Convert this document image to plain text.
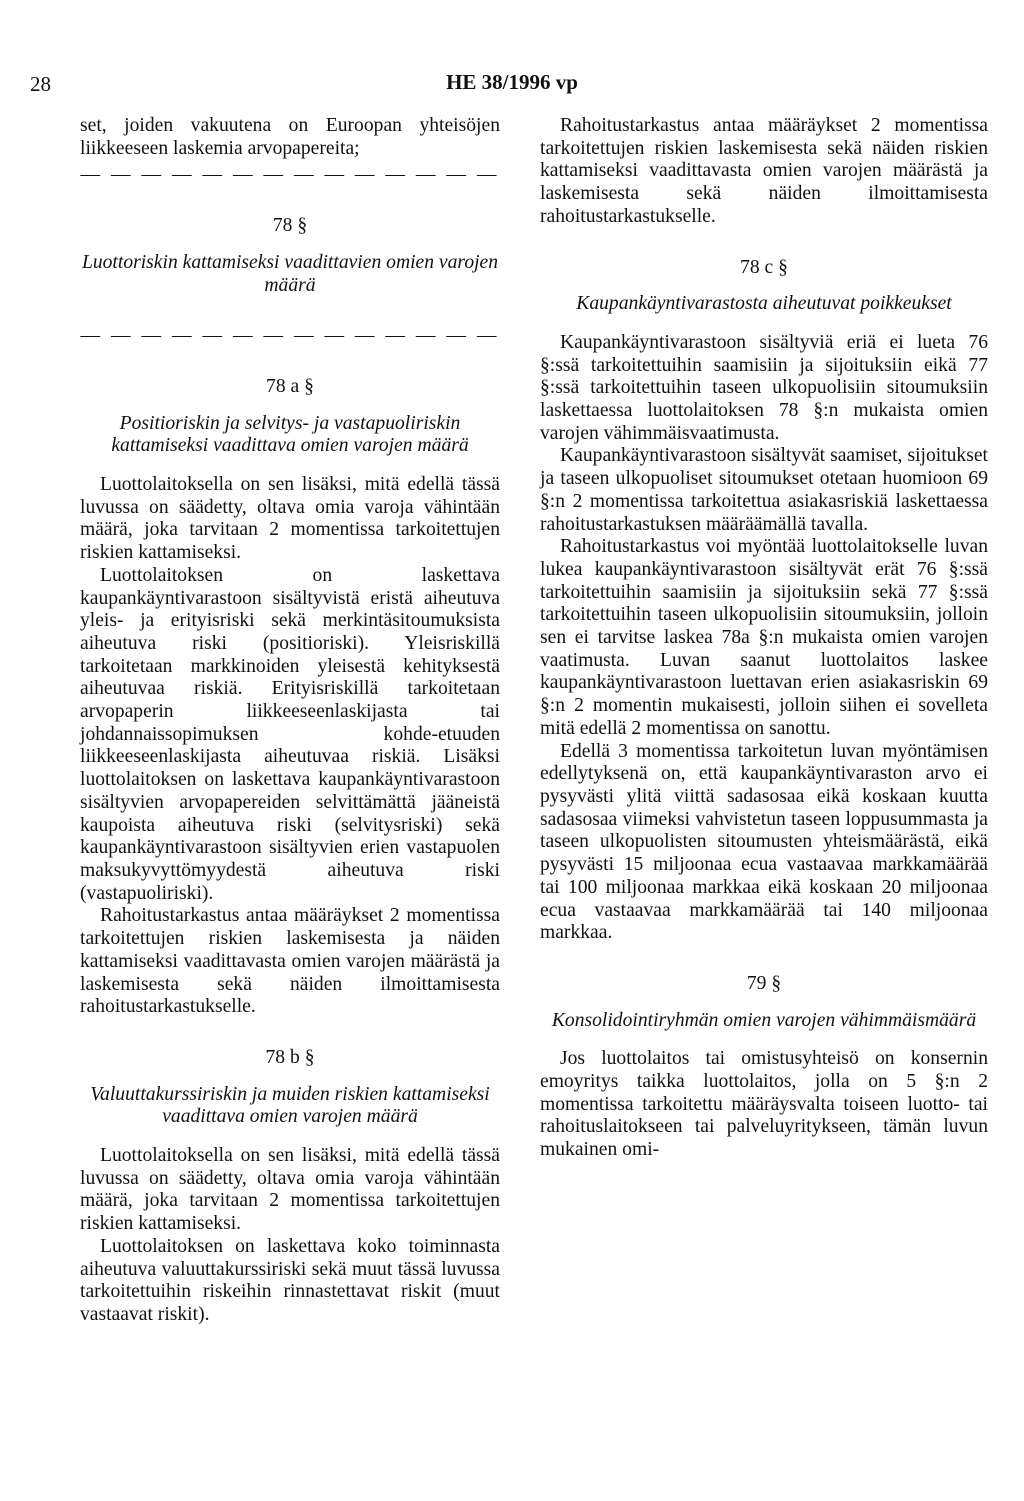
28	HE 38/1996 vp

set, joiden vakuutena on Euroopan yhteisöjen liikkeeseen laskemia arvopapereita;

— — — — — — — — — — — — — —
78 §
Luottoriskin kattamiseksi vaadittavien omien varojen määrä
— — — — — — — — — — — — — —
78 a §
Positioriskin ja selvitys- ja vastapuoliriskin kattamiseksi vaadittava omien varojen määrä

Luottolaitoksella on sen lisäksi, mitä edellä tässä luvussa on säädetty, oltava omia varoja vähintään määrä, joka tarvitaan 2 momentissa tarkoitettujen riskien kattamiseksi.

Luottolaitoksen on laskettava kaupankäyntivarastoon sisältyvistä eristä aiheutuva yleis- ja erityisriski sekä merkintäsitoumuksista aiheutuva riski (positioriski). Yleisriskillä tarkoitetaan markkinoiden yleisestä kehityksestä aiheutuvaa riskiä. Erityisriskillä tarkoitetaan arvopaperin liikkeeseenlaskijasta tai johdannaissopimuksen kohde-etuuden liikkeeseenlaskijasta aiheutuvaa riskiä. Lisäksi luottolaitoksen on laskettava kaupankäyntivarastoon sisältyvien arvopapereiden selvittämättä jääneistä kaupoista aiheutuva riski (selvitysriski) sekä kaupankäyntivarastoon sisältyvien erien vastapuolen maksukyvyttömyydestä aiheutuva riski (vastapuoliriski).

Rahoitustarkastus antaa määräykset 2 momentissa tarkoitettujen riskien laskemisesta ja näiden kattamiseksi vaadittavasta omien varojen määrästä ja laskemisesta sekä näiden ilmoittamisesta rahoitustarkastukselle.

78 b §
Valuuttakurssiriskin ja muiden riskien kattamiseksi vaadittava omien varojen määrä

Luottolaitoksella on sen lisäksi, mitä edellä tässä luvussa on säädetty, oltava omia varoja vähintään määrä, joka tarvitaan 2 momentissa tarkoitettujen riskien kattamiseksi.

Luottolaitoksen on laskettava koko toiminnasta aiheutuva valuuttakurssiriski sekä muut tässä luvussa tarkoitettuihin riskeihin rinnastettavat riskit (muut vastaavat riskit).

Rahoitustarkastus antaa määräykset 2 momentissa tarkoitettujen riskien laskemisesta sekä näiden riskien kattamiseksi vaadittavasta omien varojen määrästä ja laskemisesta sekä näiden ilmoittamisesta rahoitustarkastukselle.

78 c §
Kaupankäyntivarastosta aiheutuvat poikkeukset

Kaupankäyntivarastoon sisältyviä eriä ei lueta 76 §:ssä tarkoitettuihin saamisiin ja sijoituksiin eikä 77 §:ssä tarkoitettuihin taseen ulkopuolisiin sitoumuksiin laskettaessa luottolaitoksen 78 §:n mukaista omien varojen vähimmäisvaatimusta.

Kaupankäyntivarastoon sisältyvät saamiset, sijoitukset ja taseen ulkopuoliset sitoumukset otetaan huomioon 69 §:n 2 momentissa tarkoitettua asiakasriskiä laskettaessa rahoitustarkastuksen määräämällä tavalla.

Rahoitustarkastus voi myöntää luottolaitokselle luvan lukea kaupankäyntivarastoon sisältyvät erät 76 §:ssä tarkoitettuihin saamisiin ja sijoituksiin sekä 77 §:ssä tarkoitettuihin taseen ulkopuolisiin sitoumuksiin, jolloin sen ei tarvitse laskea 78a §:n mukaista omien varojen vaatimusta. Luvan saanut luottolaitos laskee kaupankäyntivarastoon luettavan erien asiakasriskin 69 §:n 2 momentin mukaisesti, jolloin siihen ei sovelleta mitä edellä 2 momentissa on sanottu.

Edellä 3 momentissa tarkoitetun luvan myöntämisen edellytyksenä on, että kaupankäyntivaraston arvo ei pysyvästi ylitä viittä sadasosaa eikä koskaan kuutta sadasosaa viimeksi vahvistetun taseen loppusummasta ja taseen ulkopuolisten sitoumusten yhteismäärästä, eikä pysyvästi 15 miljoonaa ecua vastaavaa markkamäärää tai 100 miljoonaa markkaa eikä koskaan 20 miljoonaa ecua vastaavaa markkamäärää tai 140 miljoonaa markkaa.

79 §
Konsolidointiryhmän omien varojen vähimmäismäärä

Jos luottolaitos tai omistusyhteisö on konsernin emoyritys taikka luottolaitos, jolla on 5 §:n 2 momentissa tarkoitettu määräysvalta toiseen luotto- tai rahoituslaitokseen tai palveluyritykseen, tämän luvun mukainen omi-
